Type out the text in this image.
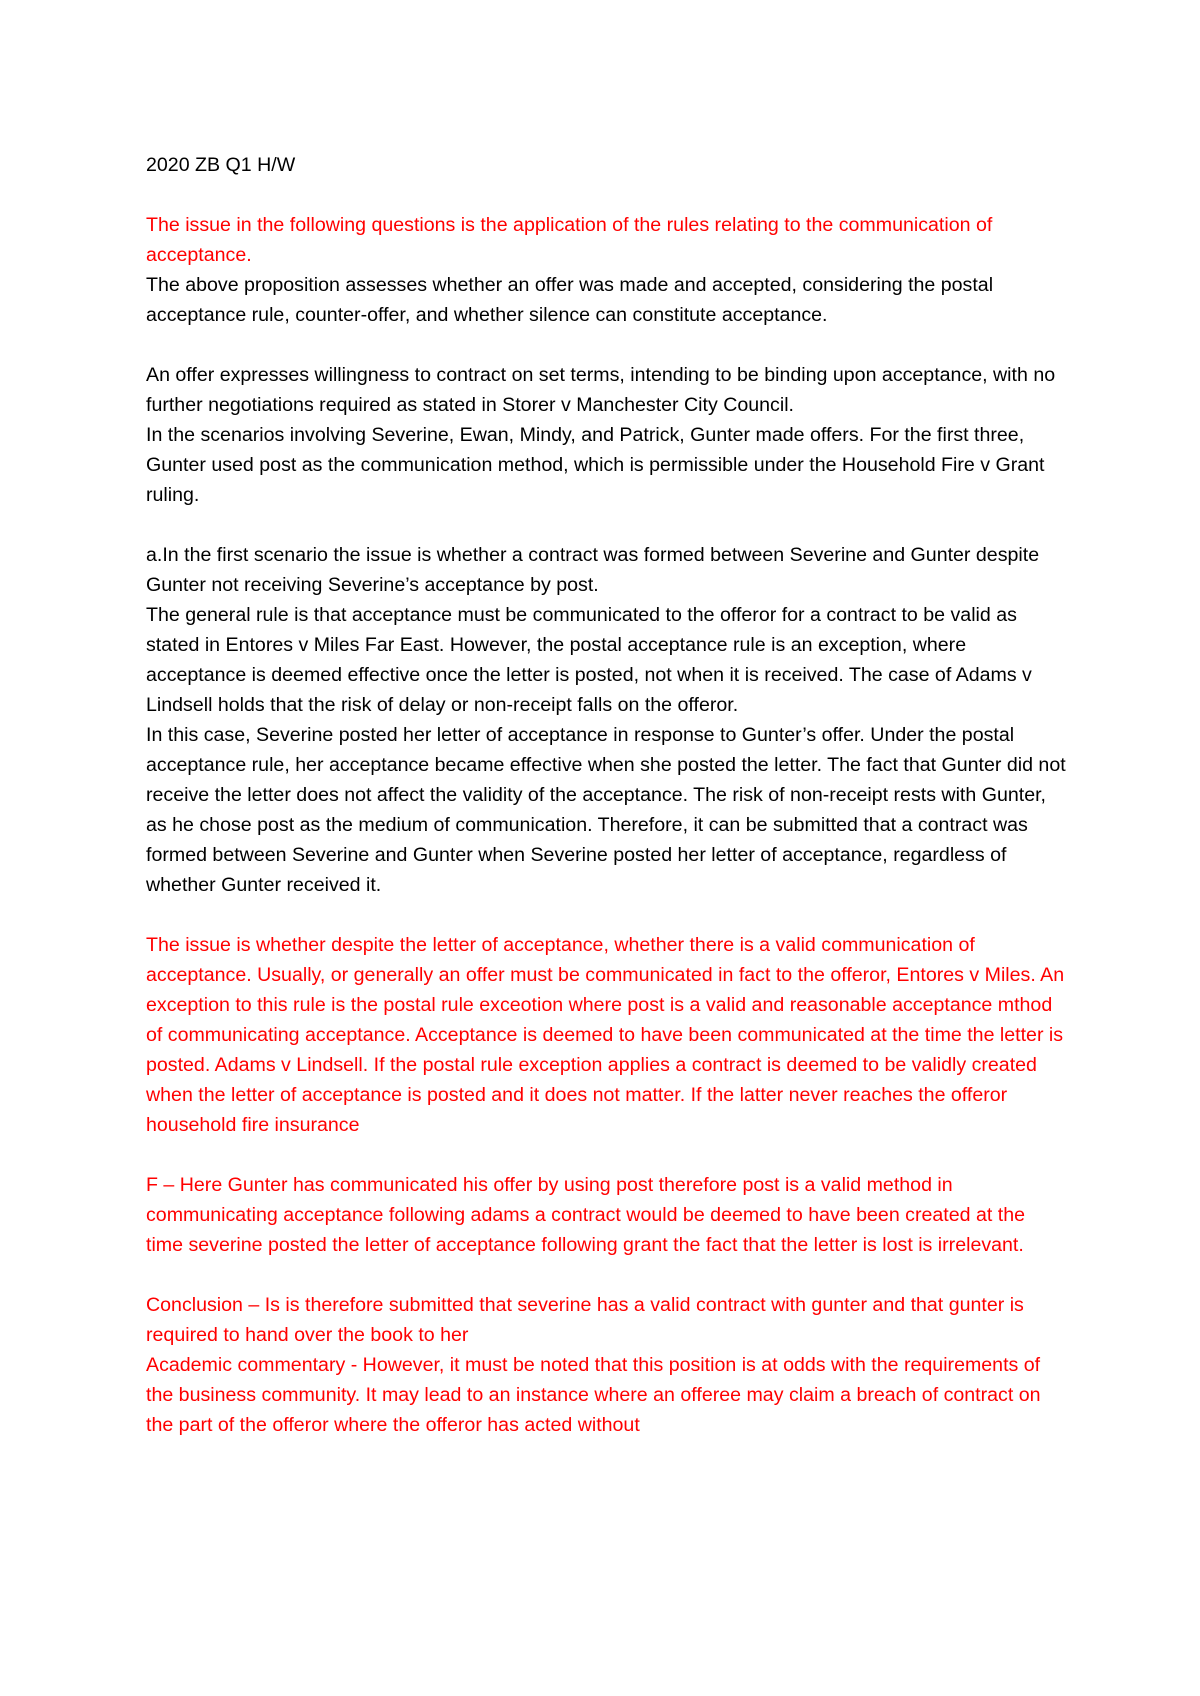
2020 ZB Q1 H/W

The issue in the following questions is the application of the rules relating to the communication of acceptance.

The above proposition assesses whether an offer was made and accepted, considering the postal acceptance rule, counter-offer, and whether silence can constitute acceptance.

An offer expresses willingness to contract on set terms, intending to be binding upon acceptance, with no further negotiations required as stated in Storer v Manchester City Council.

In the scenarios involving Severine, Ewan, Mindy, and Patrick, Gunter made offers. For the first three, Gunter used post as the communication method, which is permissible under the Household Fire v Grant ruling.

a.In the first scenario the issue is whether a contract was formed between Severine and Gunter despite Gunter not receiving Severine’s acceptance by post.

The general rule is that acceptance must be communicated to the offeror for a contract to be valid as stated in Entores v Miles Far East. However, the postal acceptance rule is an exception, where acceptance is deemed effective once the letter is posted, not when it is received. The case of Adams v Lindsell holds that the risk of delay or non-receipt falls on the offeror.

In this case, Severine posted her letter of acceptance in response to Gunter’s offer. Under the postal acceptance rule, her acceptance became effective when she posted the letter. The fact that Gunter did not receive the letter does not affect the validity of the acceptance. The risk of non-receipt rests with Gunter, as he chose post as the medium of communication. Therefore, it can be submitted that a contract was formed between Severine and Gunter when Severine posted her letter of acceptance, regardless of whether Gunter received it.

The issue is whether despite the letter of acceptance, whether there is a valid communication of acceptance. Usually, or generally an offer must be communicated in fact to the offeror, Entores v Miles. An exception to this rule is the postal rule exceotion where post is a valid and reasonable acceptance mthod of communicating acceptance. Acceptance is deemed to have been communicated at the time the letter is posted. Adams v Lindsell. If the postal rule exception applies a contract is deemed to be validly created when the letter of acceptance is posted and it does not matter. If the latter never reaches the offeror household fire insurance

F – Here Gunter has communicated his offer by using post therefore post is a valid method in communicating acceptance following adams a contract would be deemed to have been created at the time severine posted the letter of acceptance following grant the fact that the letter is lost is irrelevant.

Conclusion – Is is therefore submitted that severine has a valid contract with gunter and that gunter is required to hand over the book to her

Academic commentary - However, it must be noted that this position is at odds with the requirements of the business community. It may lead to an instance where an offeree may claim a breach of contract on the part of the offeror where the offeror has acted without
